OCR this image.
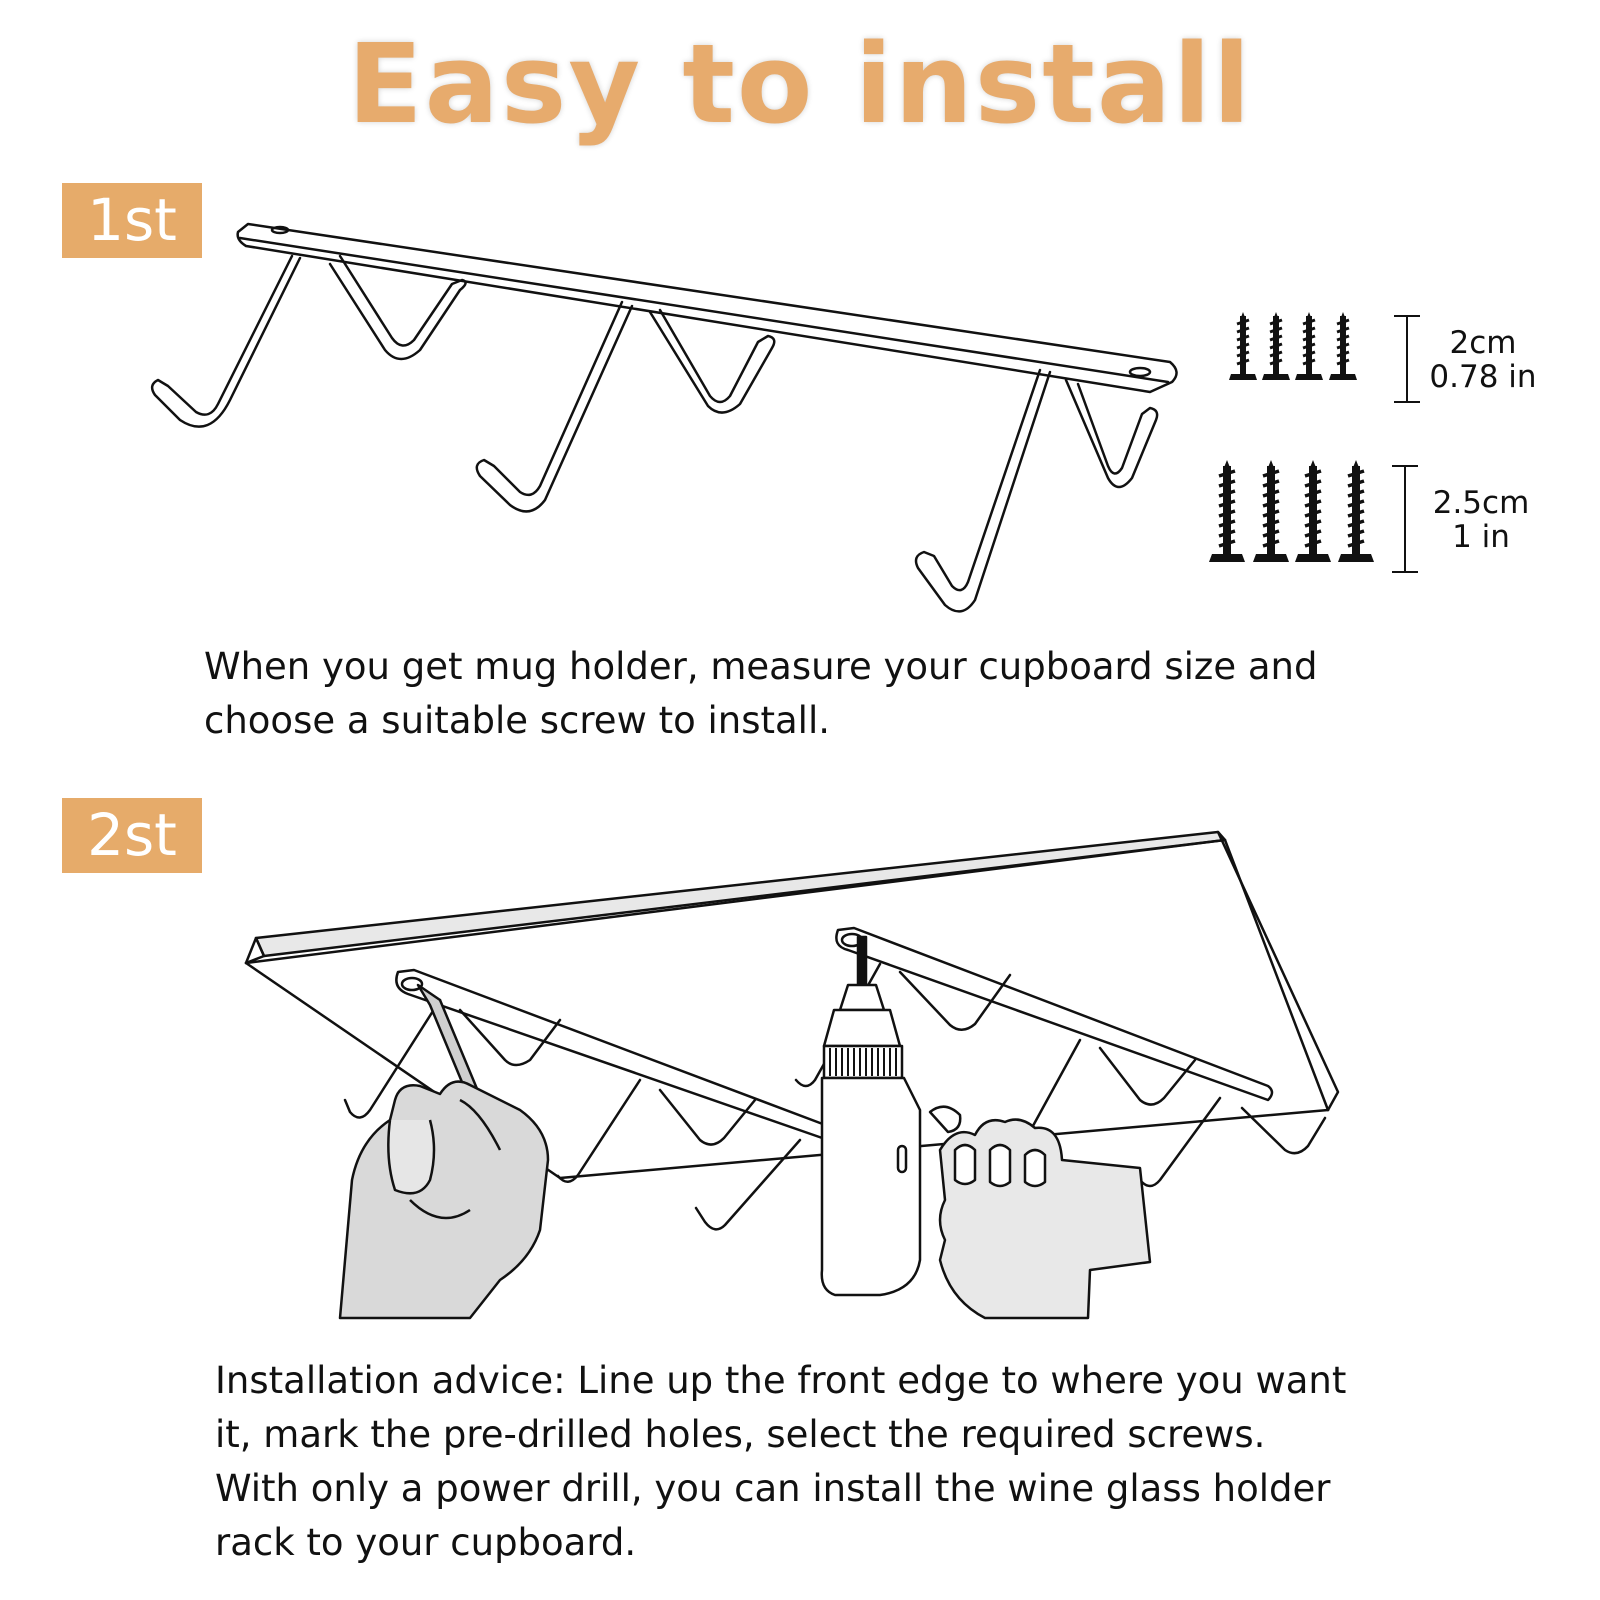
Easy to install
1st
2st
2cm
0.78 in
2.5cm
1 in
When you get mug holder, measure your cupboard size and
choose a suitable screw to install.
Installation advice: Line up the front edge to where you want
it, mark the pre-drilled holes, select the required screws.
With only a power drill, you can install the wine glass holder
rack to your cupboard.
